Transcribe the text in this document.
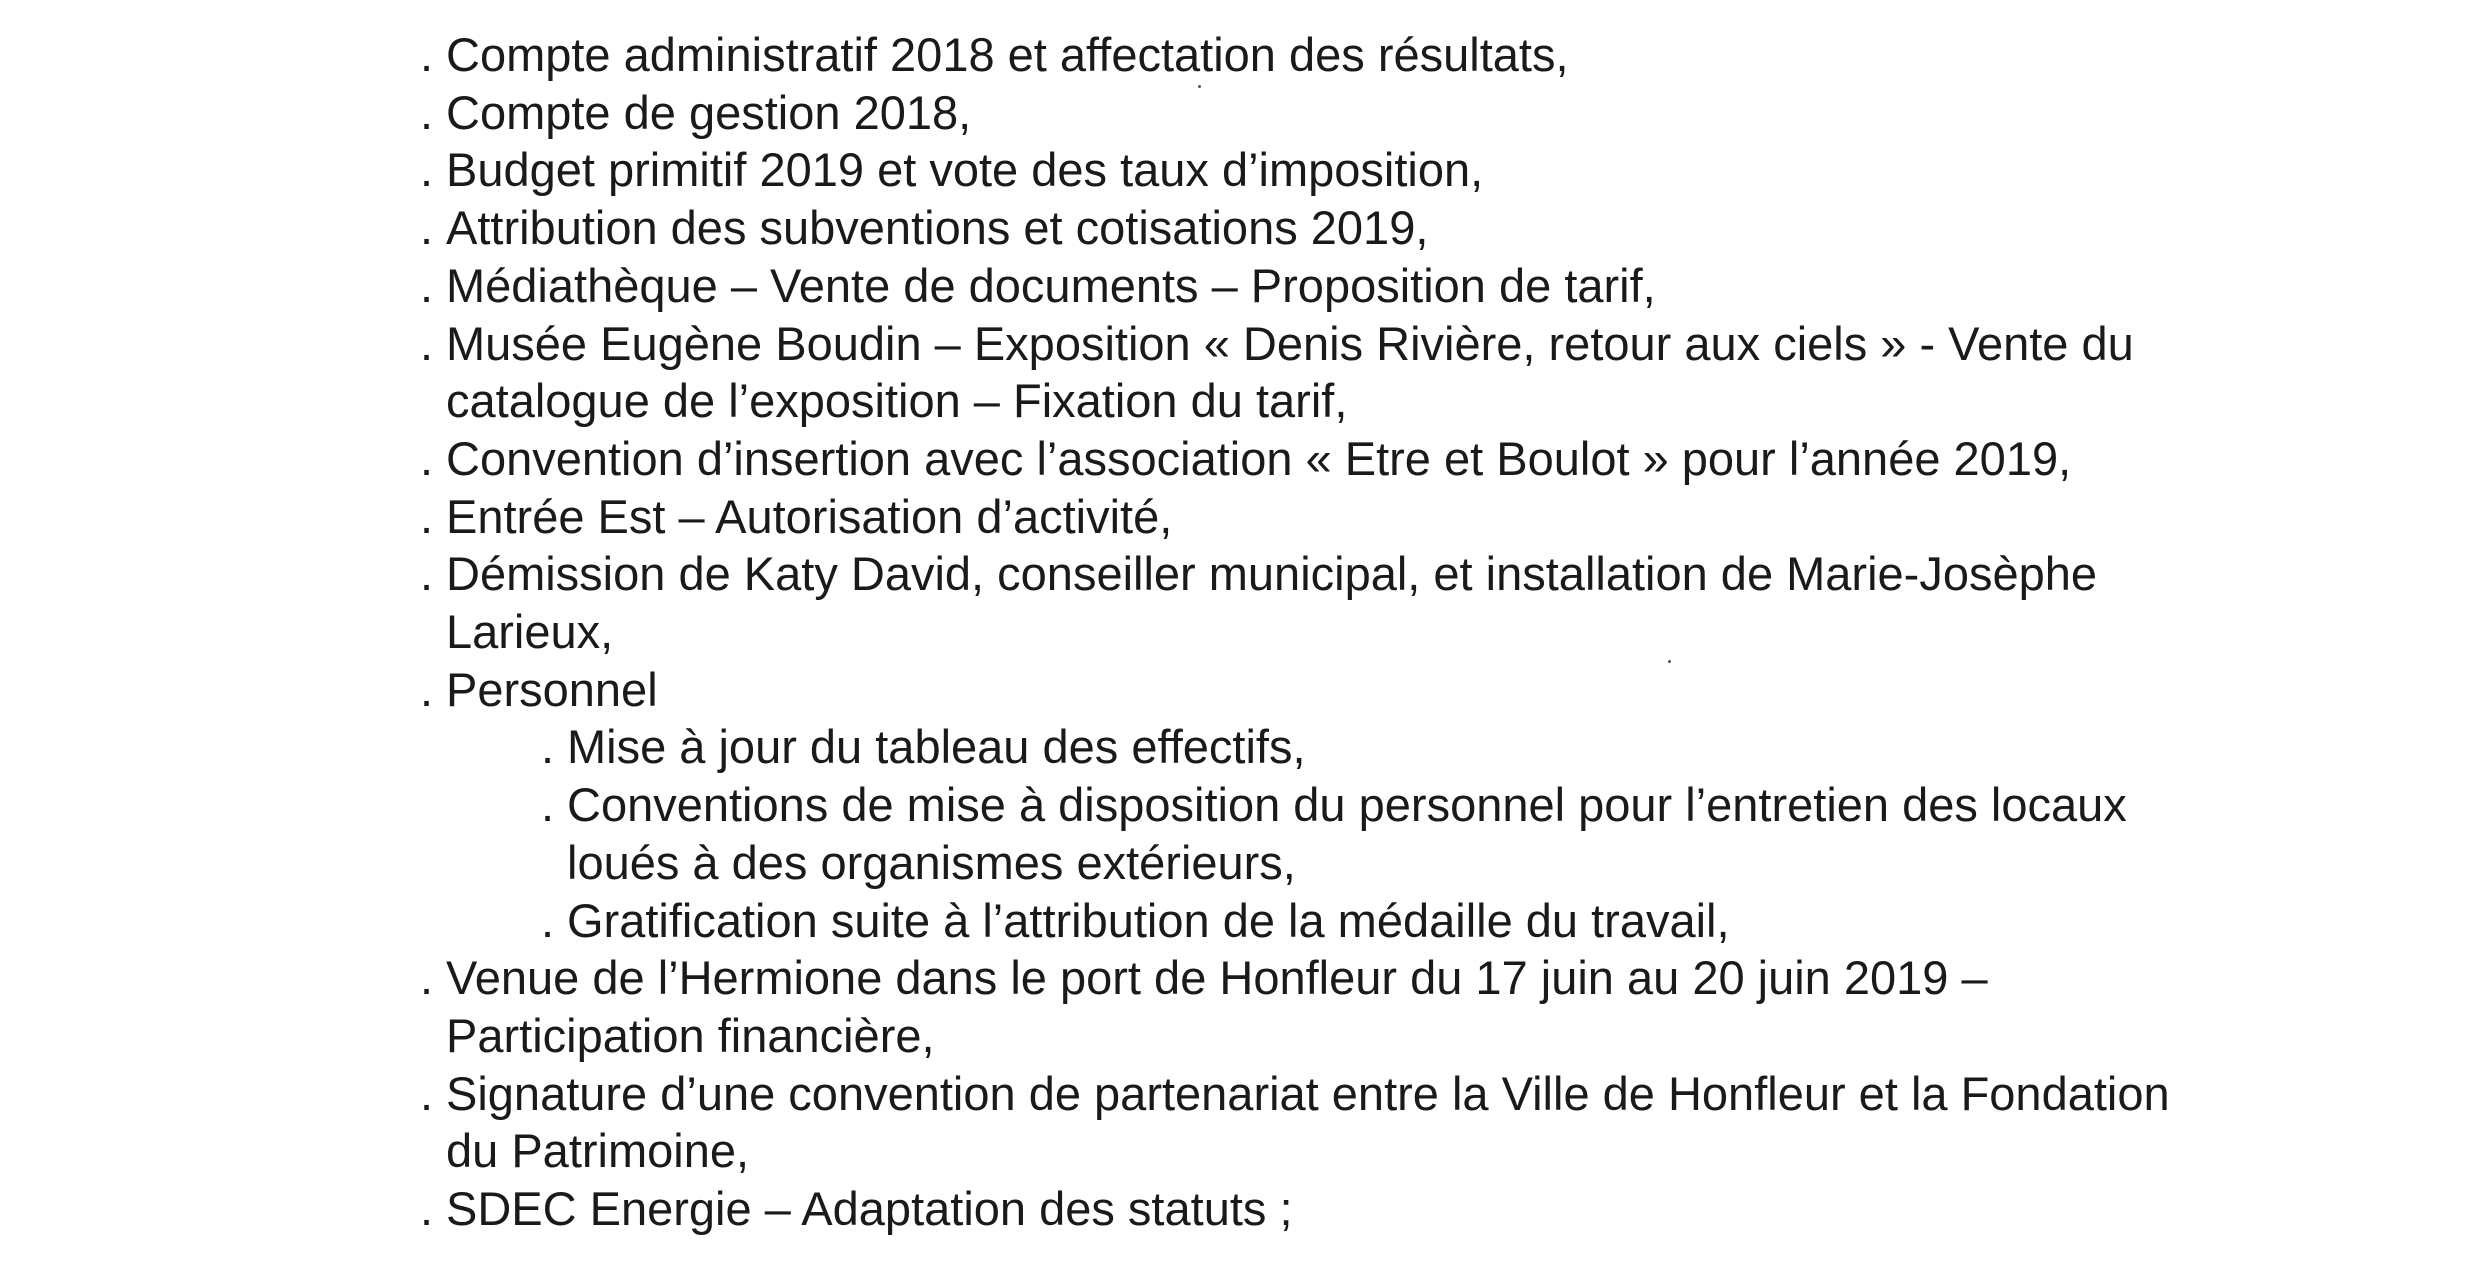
. Compte administratif 2018 et affectation des résultats,
. Compte de gestion 2018,
. Budget primitif 2019 et vote des taux d’imposition,
. Attribution des subventions et cotisations 2019,
. Médiathèque – Vente de documents – Proposition de tarif,
. Musée Eugène Boudin – Exposition « Denis Rivière, retour aux ciels » - Vente du
catalogue de l’exposition – Fixation du tarif,
. Convention d’insertion avec l’association « Etre et Boulot » pour l’année 2019,
. Entrée Est – Autorisation d’activité,
. Démission de Katy David, conseiller municipal, et installation de Marie-Josèphe
Larieux,
. Personnel
. Mise à jour du tableau des effectifs,
. Conventions de mise à disposition du personnel pour l’entretien des locaux
loués à des organismes extérieurs,
. Gratification suite à l’attribution de la médaille du travail,
. Venue de l’Hermione dans le port de Honfleur du 17 juin au 20 juin 2019 –
Participation financière,
. Signature d’une convention de partenariat entre la Ville de Honfleur et la Fondation
du Patrimoine,
. SDEC Energie – Adaptation des statuts ;
